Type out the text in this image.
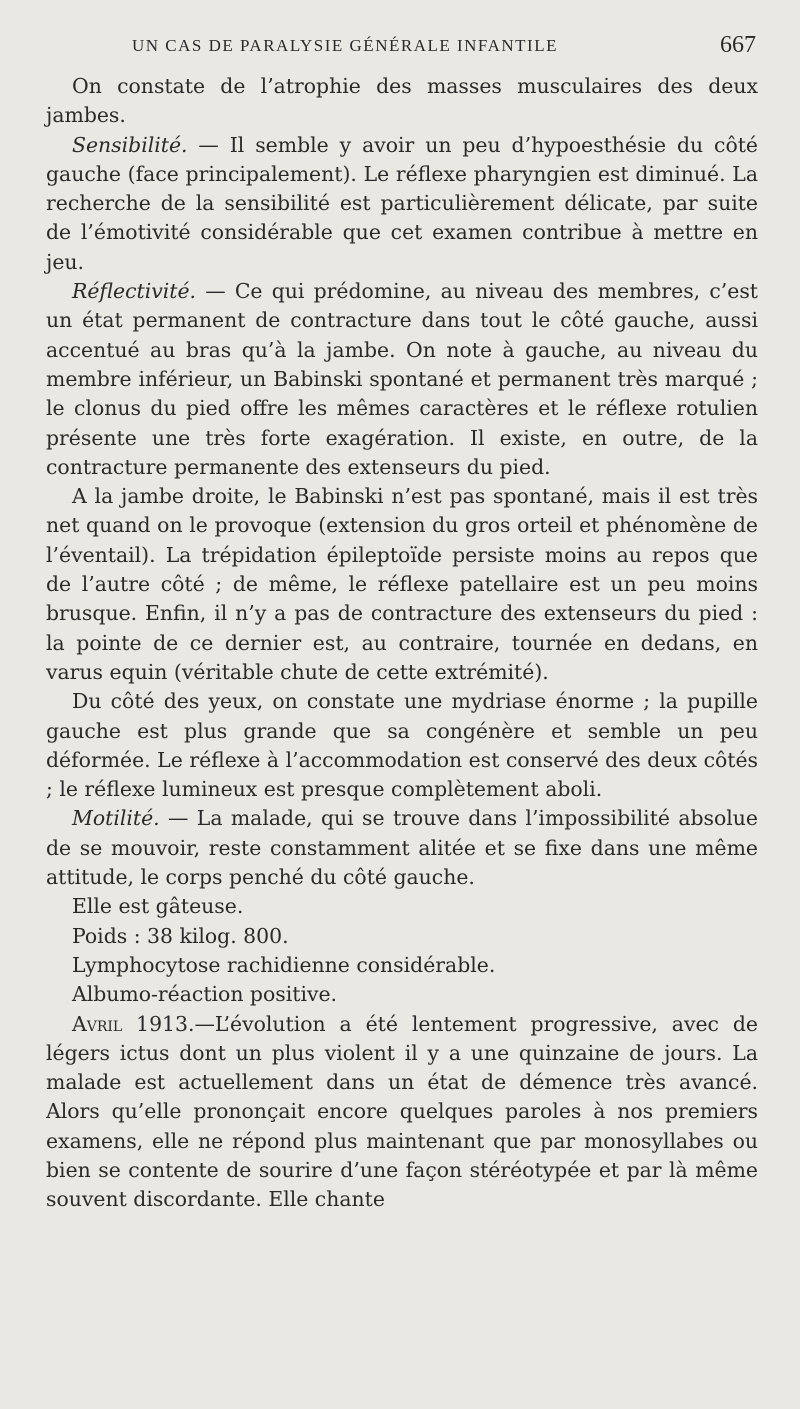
UN CAS DE PARALYSIE GÉNÉRALE INFANTILE	667

On constate de l’atrophie des masses musculaires des deux jambes.

Sensibilité. — Il semble y avoir un peu d’hypoesthésie du côté gauche (face principalement). Le réflexe pharyngien est diminué. La recherche de la sensibilité est particulièrement délicate, par suite de l’émotivité considérable que cet examen contribue à mettre en jeu.

Réflectivité. — Ce qui prédomine, au niveau des membres, c’est un état permanent de contracture dans tout le côté gauche, aussi accentué au bras qu’à la jambe. On note à gauche, au niveau du membre inférieur, un Babinski spontané et permanent très marqué ; le clonus du pied offre les mêmes caractères et le réflexe rotulien présente une très forte exagération. Il existe, en outre, de la contracture permanente des extenseurs du pied.

A la jambe droite, le Babinski n’est pas spontané, mais il est très net quand on le provoque (extension du gros orteil et phénomène de l’éventail). La trépidation épileptoïde persiste moins au repos que de l’autre côté ; de même, le réflexe patellaire est un peu moins brusque. Enfin, il n’y a pas de contracture des extenseurs du pied : la pointe de ce dernier est, au contraire, tournée en dedans, en varus equin (véritable chute de cette extrémité).

Du côté des yeux, on constate une mydriase énorme ; la pupille gauche est plus grande que sa congénère et semble un peu déformée. Le réflexe à l’accommodation est conservé des deux côtés ; le réflexe lumineux est presque complètement aboli.

Motilité. — La malade, qui se trouve dans l’impossibilité absolue de se mouvoir, reste constamment alitée et se fixe dans une même attitude, le corps penché du côté gauche.

Elle est gâteuse.

Poids : 38 kilog. 800.

Lymphocytose rachidienne considérable.

Albumo-réaction positive.

Avril 1913.—L’évolution a été lentement progressive, avec de légers ictus dont un plus violent il y a une quinzaine de jours. La malade est actuellement dans un état de démence très avancé. Alors qu’elle prononçait encore quelques paroles à nos premiers examens, elle ne répond plus maintenant que par monosyllabes ou bien se contente de sourire d’une façon stéréotypée et par là même souvent discordante. Elle chante
